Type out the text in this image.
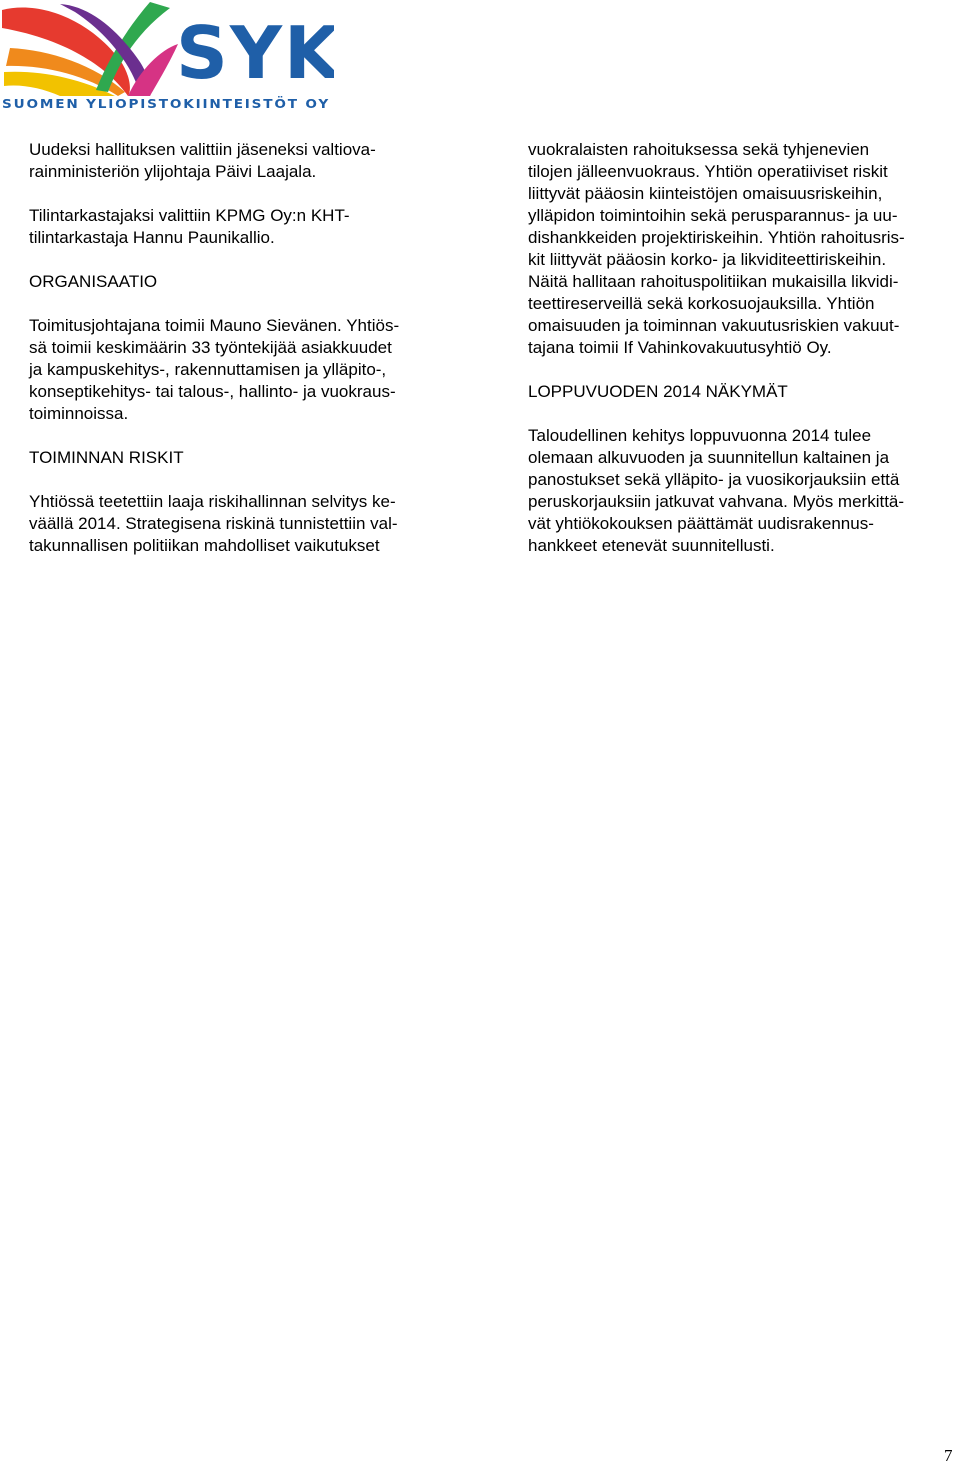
SYK
SUOMEN YLIOPISTOKIINTEISTÖT OY

Uudeksi hallituksen valittiin jäseneksi valtiova-
rainministeriön ylijohtaja Päivi Laajala.

Tilintarkastajaksi valittiin KPMG Oy:n KHT-
tilintarkastaja Hannu Paunikallio.

ORGANISAATIO

Toimitusjohtajana toimii Mauno Sievänen. Yhtiös-
sä toimii keskimäärin 33 työntekijää asiakkuudet
ja kampuskehitys-, rakennuttamisen ja ylläpito-,
konseptikehitys- tai talous-, hallinto- ja vuokraus-
toiminnoissa.

TOIMINNAN RISKIT

Yhtiössä teetettiin laaja riskihallinnan selvitys ke-
väällä 2014. Strategisena riskinä tunnistettiin val-
takunnallisen politiikan mahdolliset vaikutukset

vuokralaisten rahoituksessa sekä tyhjenevien
tilojen jälleenvuokraus. Yhtiön operatiiviset riskit
liittyvät pääosin kiinteistöjen omaisuusriskeihin,
ylläpidon toimintoihin sekä perusparannus- ja uu-
dishankkeiden projektiriskeihin. Yhtiön rahoitusris-
kit liittyvät pääosin korko- ja likviditeettiriskeihin.
Näitä hallitaan rahoituspolitiikan mukaisilla likvidi-
teettireserveillä sekä korkosuojauksilla. Yhtiön
omaisuuden ja toiminnan vakuutusriskien vakuut-
tajana toimii If Vahinkovakuutusyhtiö Oy.

LOPPUVUODEN 2014 NÄKYMÄT

Taloudellinen kehitys loppuvuonna 2014 tulee
olemaan alkuvuoden ja suunnitellun kaltainen ja
panostukset sekä ylläpito- ja vuosikorjauksiin että
peruskorjauksiin jatkuvat vahvana. Myös merkittä-
vät yhtiökokouksen päättämät uudisrakennus-
hankkeet etenevät suunnitellusti.

7
